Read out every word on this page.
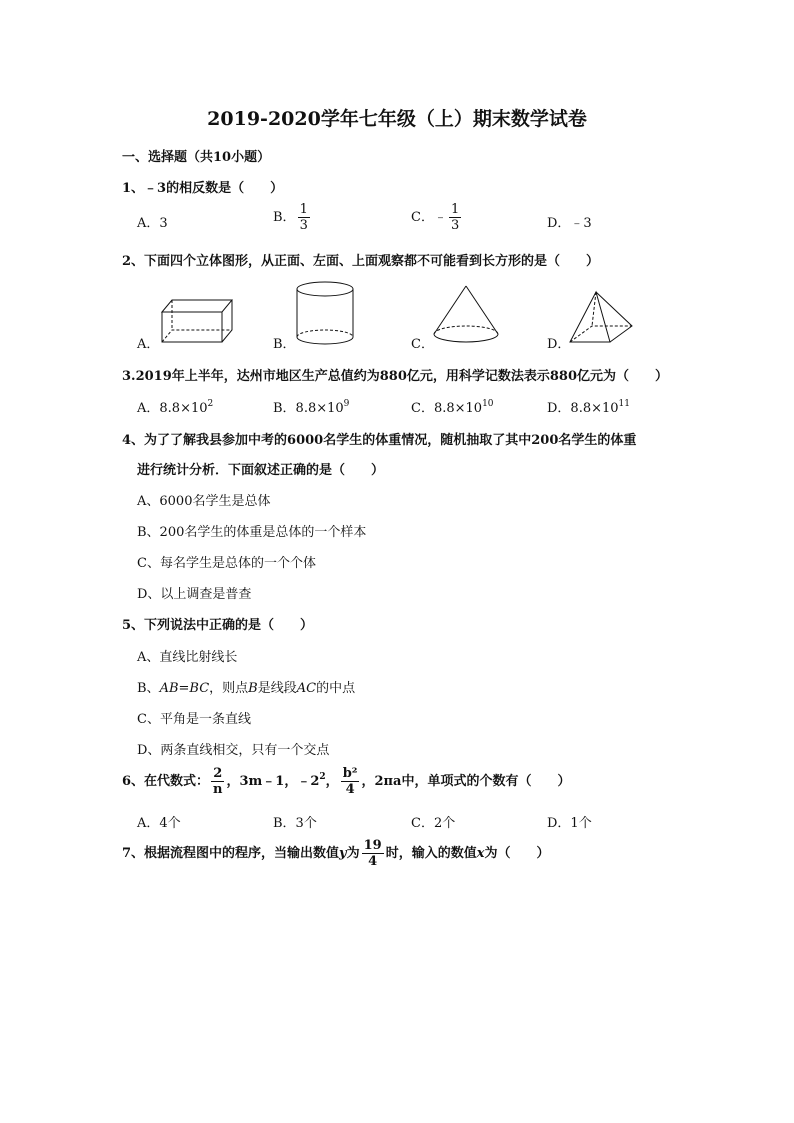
2019-2020学年七年级（上）期末数学试卷
一、选择题（共10小题）
1、﹣3的相反数是（　　）
A．3	B． $\frac{1}{3}$	C．﹣ $\frac{1}{3}$	D．﹣3
2、下面四个立体图形，从正面、左面、上面观察都不可能看到长方形的是（　　）
A．	B．	C．	D．
3.2019年上半年，达州市地区生产总值约为880亿元，用科学记数法表示880亿元为（　　）
A．$8.8\times 10^2$	B．$8.8\times 10^9$	C．$8.8\times 10^{10}$	D．$8.8\times 10^{11}$
4、为了了解我县参加中考的6000名学生的体重情况，随机抽取了其中200名学生的体重
进行统计分析．下面叙述正确的是（　　）
A、6000名学生是总体
B、200名学生的体重是总体的一个样本
C、每名学生是总体的一个个体
D、以上调查是普查
5、下列说法中正确的是（　　）
A、直线比射线长
B、AB=BC，则点B是线段AC的中点
C、平角是一条直线
D、两条直线相交，只有一个交点
6、在代数式： $\frac{2}{n}$ ，3m﹣1，$﹣2^2$， $\frac{\text{b²}}{4}$ ，2πa中，单项式的个数有（　　）
A．4个	B．3个	C．2个	D．1个
7、根据流程图中的程序，当输出数值y为 $\frac{19}{4}$ 时，输入的数值x为（　　）
